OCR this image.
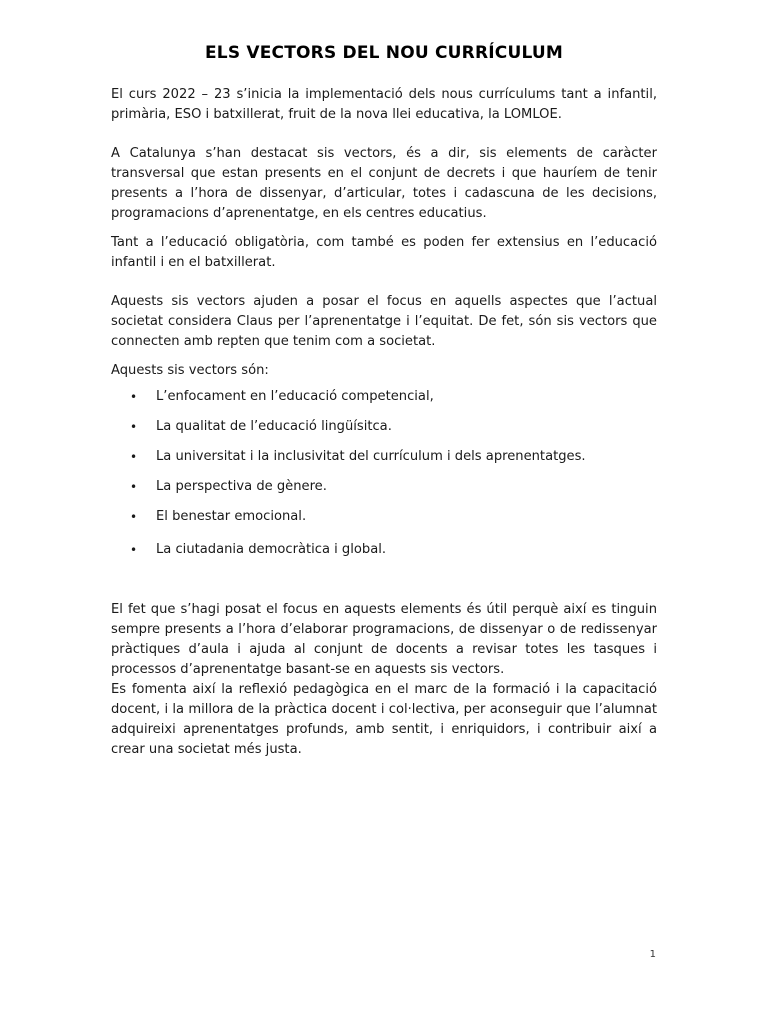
ELS VECTORS DEL NOU CURRÍCULUM

El curs 2022 – 23 s’inicia la implementació dels nous currículums tant a infantil, primària, ESO i batxillerat, fruit de la nova llei educativa, la LOMLOE.

A Catalunya s’han destacat sis vectors, és a dir, sis elements de caràcter transversal que estan presents en el conjunt de decrets i que hauríem de tenir presents a l’hora de dissenyar, d’articular, totes i cadascuna de les decisions, programacions d’aprenentatge, en els centres educatius.

Tant a l’educació obligatòria, com també es poden fer extensius en l’educació infantil i en el batxillerat.

Aquests sis vectors ajuden a posar el focus en aquells aspectes que l’actual societat considera Claus per l’aprenentatge i l’equitat. De fet, són sis vectors que connecten amb repten que tenim com a societat.

Aquests sis vectors són:

• L’enfocament en l’educació competencial,
• La qualitat de l’educació lingüísitca.
• La universitat i la inclusivitat del currículum i dels aprenentatges.
• La perspectiva de gènere.
• El benestar emocional.
• La ciutadania democràtica i global.

El fet que s’hagi posat el focus en aquests elements és útil perquè així es tinguin sempre presents a l’hora d’elaborar programacions, de dissenyar o de redissenyar pràctiques d’aula i ajuda al conjunt de docents a revisar totes les tasques i processos d’aprenentatge basant-se en aquests sis vectors.

Es fomenta així la reflexió pedagògica en el marc de la formació i la capacitació docent, i la millora de la pràctica docent i col·lectiva, per aconseguir que l’alumnat adquireixi aprenentatges profunds, amb sentit, i enriquidors, i contribuir així a crear una societat més justa.

1
